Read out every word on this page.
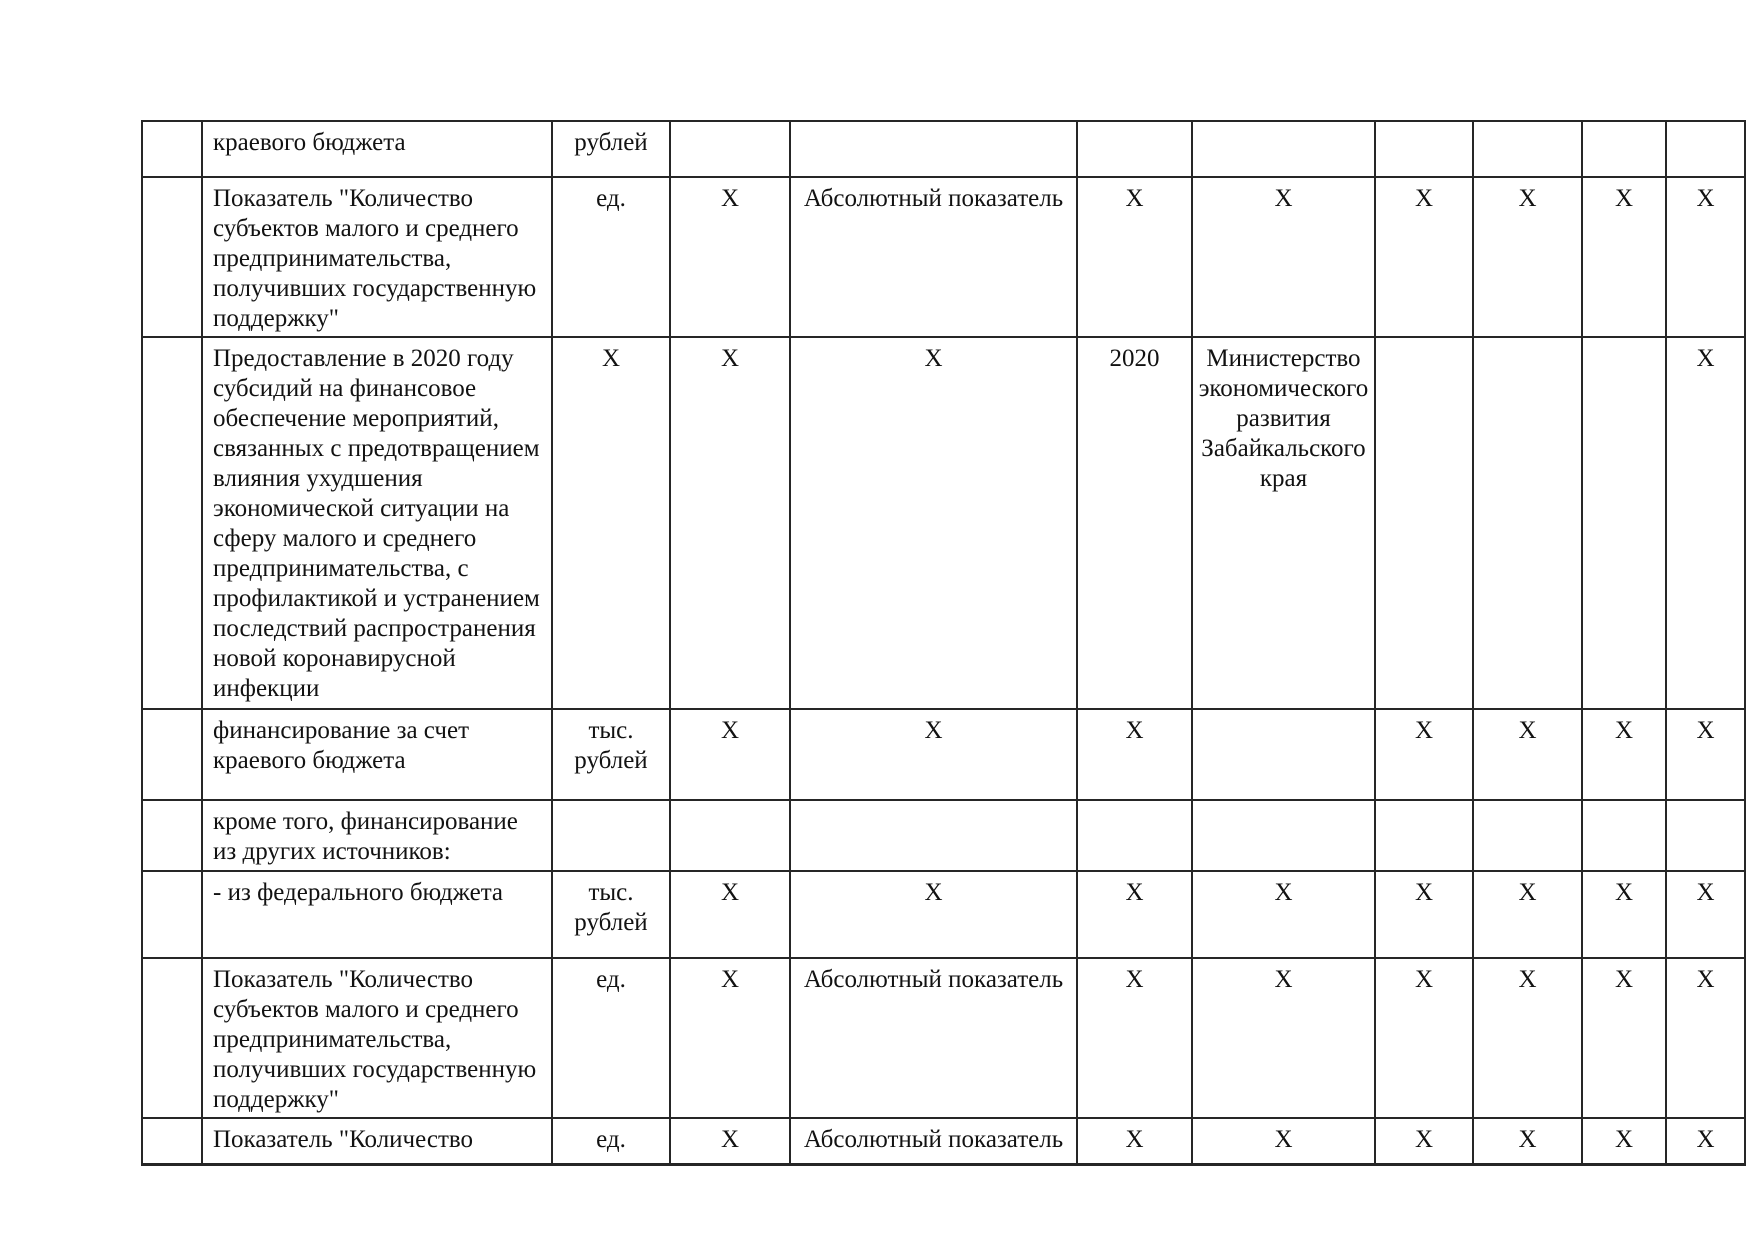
	краевого бюджета	рублей								
	Показатель "Количество субъектов малого и среднего предпринимательства, получивших государственную поддержку"	ед.	Х	Абсолютный показатель	Х	Х	Х	Х	Х	Х
	Предоставление в 2020 году субсидий на финансовое обеспечение мероприятий, связанных с предотвращением влияния ухудшения экономической ситуации на сферу малого и среднего предпринимательства, с профилактикой и устранением последствий распространения новой коронавирусной инфекции	Х	Х	Х	2020	Министерство экономического развития Забайкальского края				Х
	финансирование за счет краевого бюджета	тыс. рублей	Х	Х	Х		Х	Х	Х	Х
	кроме того, финансирование из других источников:									
	- из федерального бюджета	тыс. рублей	Х	Х	Х	Х	Х	Х	Х	Х
	Показатель "Количество субъектов малого и среднего предпринимательства, получивших государственную поддержку"	ед.	Х	Абсолютный показатель	Х	Х	Х	Х	Х	Х
	Показатель "Количество	ед.	Х	Абсолютный показатель	Х	Х	Х	Х	Х	Х
